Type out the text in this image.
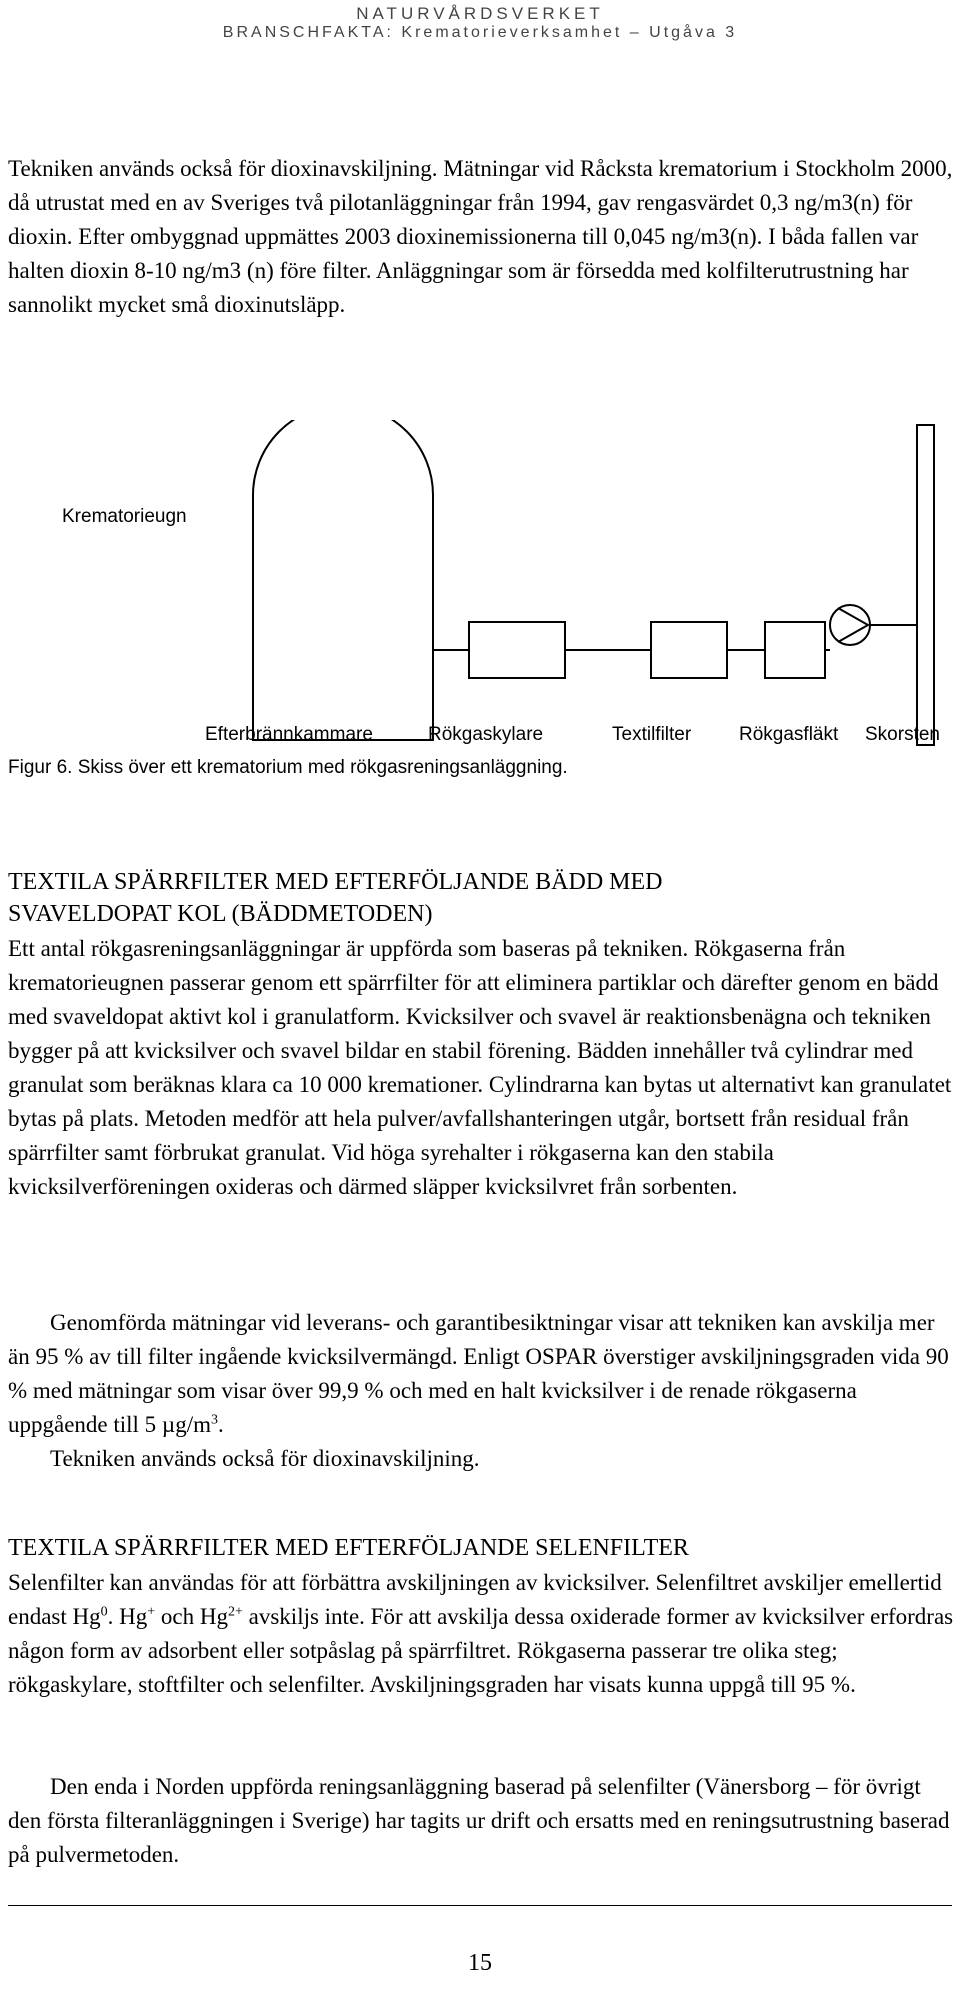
NATURVÅRDSVERKET
BRANSCHFAKTA: Krematorieverksamhet – Utgåva 3

Tekniken används också för dioxinavskiljning. Mätningar vid Råcksta krematorium i Stockholm 2000, då utrustat med en av Sveriges två pilotanläggningar från 1994, gav rengasvärdet 0,3 ng/m3(n) för dioxin. Efter ombyggnad uppmättes 2003 dioxinemissionerna till 0,045 ng/m3(n). I båda fallen var halten dioxin 8-10 ng/m3 (n) före filter. Anläggningar som är försedda med kolfilterutrustning har sannolikt mycket små dioxinutsläpp.

Krematorieugn
Efterbrännkammare	Rökgaskylare	Textilfilter	Rökgasfläkt Skorsten
Figur 6. Skiss över ett krematorium med rökgasreningsanläggning.
TEXTILA SPÄRRFILTER MED EFTERFÖLJANDE BÄDD MED
SVAVELDOPAT KOL (BÄDDMETODEN)

Ett antal rökgasreningsanläggningar är uppförda som baseras på tekniken. Rökgaserna från krematorieugnen passerar genom ett spärrfilter för att eliminera partiklar och därefter genom en bädd med svaveldopat aktivt kol i granulatform. Kvicksilver och svavel är reaktionsbenägna och tekniken bygger på att kvicksilver och svavel bildar en stabil förening. Bädden innehåller två cylindrar med granulat som beräknas klara ca 10 000 kremationer. Cylindrarna kan bytas ut alternativt kan granulatet bytas på plats. Metoden medför att hela pulver/avfallshanteringen utgår, bortsett från residual från spärrfilter samt förbrukat granulat. Vid höga syrehalter i rökgaserna kan den stabila kvicksilverföreningen oxideras och därmed släpper kvicksilvret från sorbenten.

Genomförda mätningar vid leverans- och garantibesiktningar visar att tekniken kan avskilja mer än 95 % av till filter ingående kvicksilvermängd. Enligt OSPAR överstiger avskiljningsgraden vida 90 % med mätningar som visar över 99,9 % och med en halt kvicksilver i de renade rökgaserna uppgående till 5 $\mu g/m^3$.

Tekniken används också för dioxinavskiljning.

TEXTILA SPÄRRFILTER MED EFTERFÖLJANDE SELENFILTER

Selenfilter kan användas för att förbättra avskiljningen av kvicksilver. Selenfiltret avskiljer emellertid endast Hg$^0$. Hg+ och $Hg^{2+}$ avskiljs inte. För att avskilja dessa oxiderade former av kvicksilver erfordras någon form av adsorbent eller sotpåslag på spärrfiltret. Rökgaserna passerar tre olika steg; rökgaskylare, stoftfilter och selenfilter. Avskiljningsgraden har visats kunna uppgå till 95 %.

Den enda i Norden uppförda reningsanläggning baserad på selenfilter (Vänersborg – för övrigt den första filteranläggningen i Sverige) har tagits ur drift och ersatts med en reningsutrustning baserad på pulvermetoden.

15
